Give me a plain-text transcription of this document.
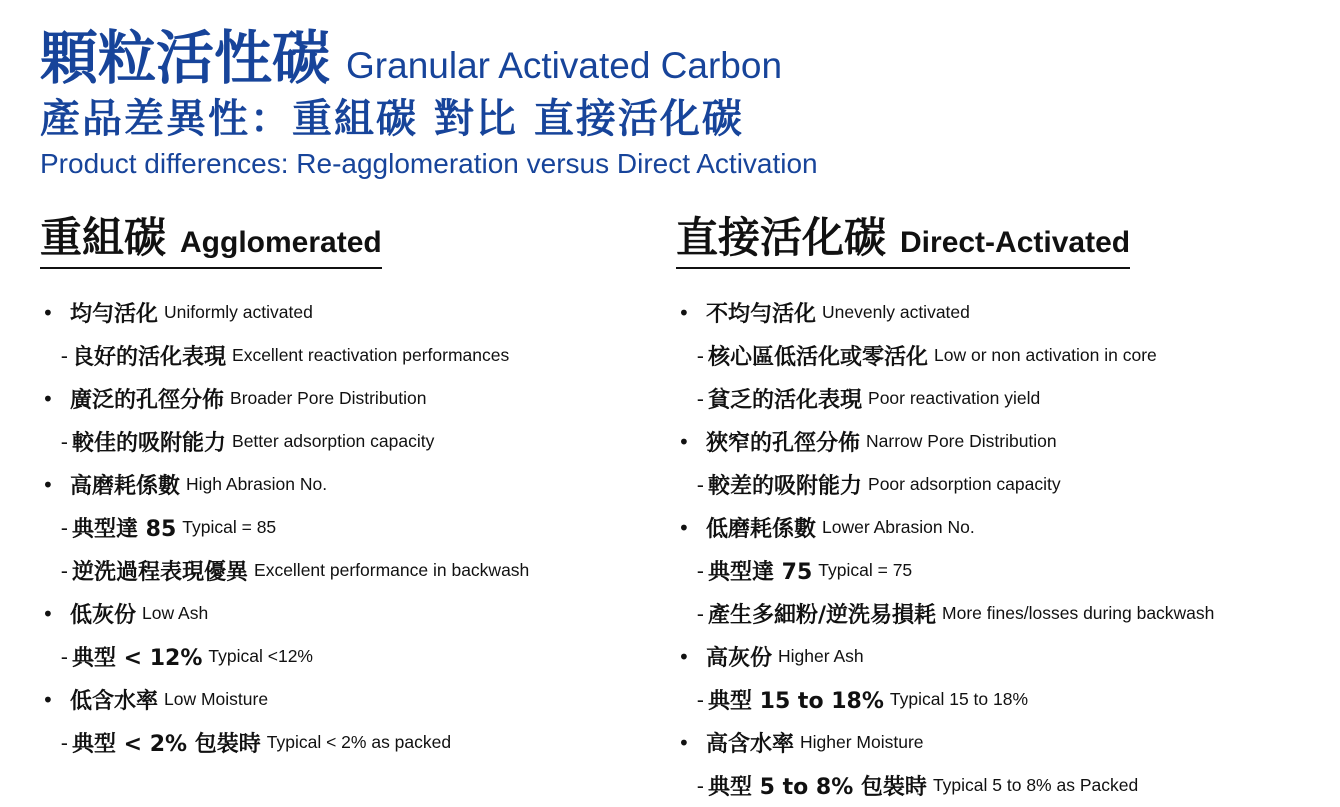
顆粒活性碳 Granular Activated Carbon
產品差異性：重組碳 對比 直接活化碳
Product differences: Re-agglomeration versus Direct Activation
重組碳 Agglomerated
• 均勻活化 Uniformly activated
- 良好的活化表現 Excellent reactivation performances
• 廣泛的孔徑分佈 Broader Pore Distribution
- 較佳的吸附能力 Better adsorption capacity
• 高磨耗係數 High Abrasion No.
- 典型達 85 Typical = 85
- 逆洗過程表現優異 Excellent performance in backwash
• 低灰份 Low Ash
- 典型 < 12% Typical <12%
• 低含水率 Low Moisture
- 典型 < 2% 包裝時 Typical < 2% as packed
直接活化碳 Direct-Activated
• 不均勻活化 Unevenly activated
- 核心區低活化或零活化 Low or non activation in core
- 貧乏的活化表現 Poor reactivation yield
• 狹窄的孔徑分佈 Narrow Pore Distribution
- 較差的吸附能力 Poor adsorption capacity
• 低磨耗係數 Lower Abrasion No.
- 典型達 75 Typical = 75
- 產生多細粉/逆洗易損耗 More fines/losses during backwash
• 高灰份 Higher Ash
- 典型 15 to 18% Typical 15 to 18%
• 高含水率 Higher Moisture
- 典型 5 to 8% 包裝時 Typical 5 to 8% as Packed
